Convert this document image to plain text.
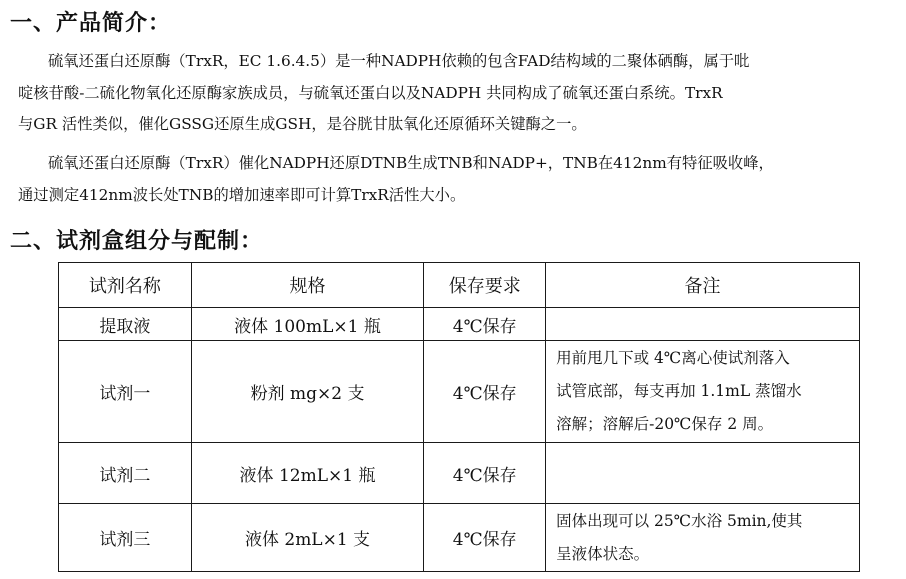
一、产品简介：

硫氧还蛋白还原酶（TrxR，EC 1.6.4.5）是一种NADPH依赖的包含FAD结构域的二聚体硒酶，属于吡
啶核苷酸-二硫化物氧化还原酶家族成员，与硫氧还蛋白以及NADPH 共同构成了硫氧还蛋白系统。TrxR
与GR 活性类似，催化GSSG还原生成GSH，是谷胱甘肽氧化还原循环关键酶之一。

硫氧还蛋白还原酶（TrxR）催化NADPH还原DTNB生成TNB和NADP+，TNB在412nm有特征吸收峰，
通过测定412nm波长处TNB的增加速率即可计算TrxR活性大小。

二、试剂盒组分与配制：
试剂名称	规格	保存要求	备注
提取液	液体 100mL×1 瓶	4℃保存	
试剂一	粉剂 mg×2 支	4℃保存	用前甩几下或 4℃离心使试剂落入
试管底部，每支再加 1.1mL 蒸馏水
溶解；溶解后-20℃保存 2 周。

试剂二	液体 12mL×1 瓶	4℃保存	
试剂三	液体 2mL×1 支	4℃保存	固体出现可以 25℃水浴 5min,使其
呈液体状态。
